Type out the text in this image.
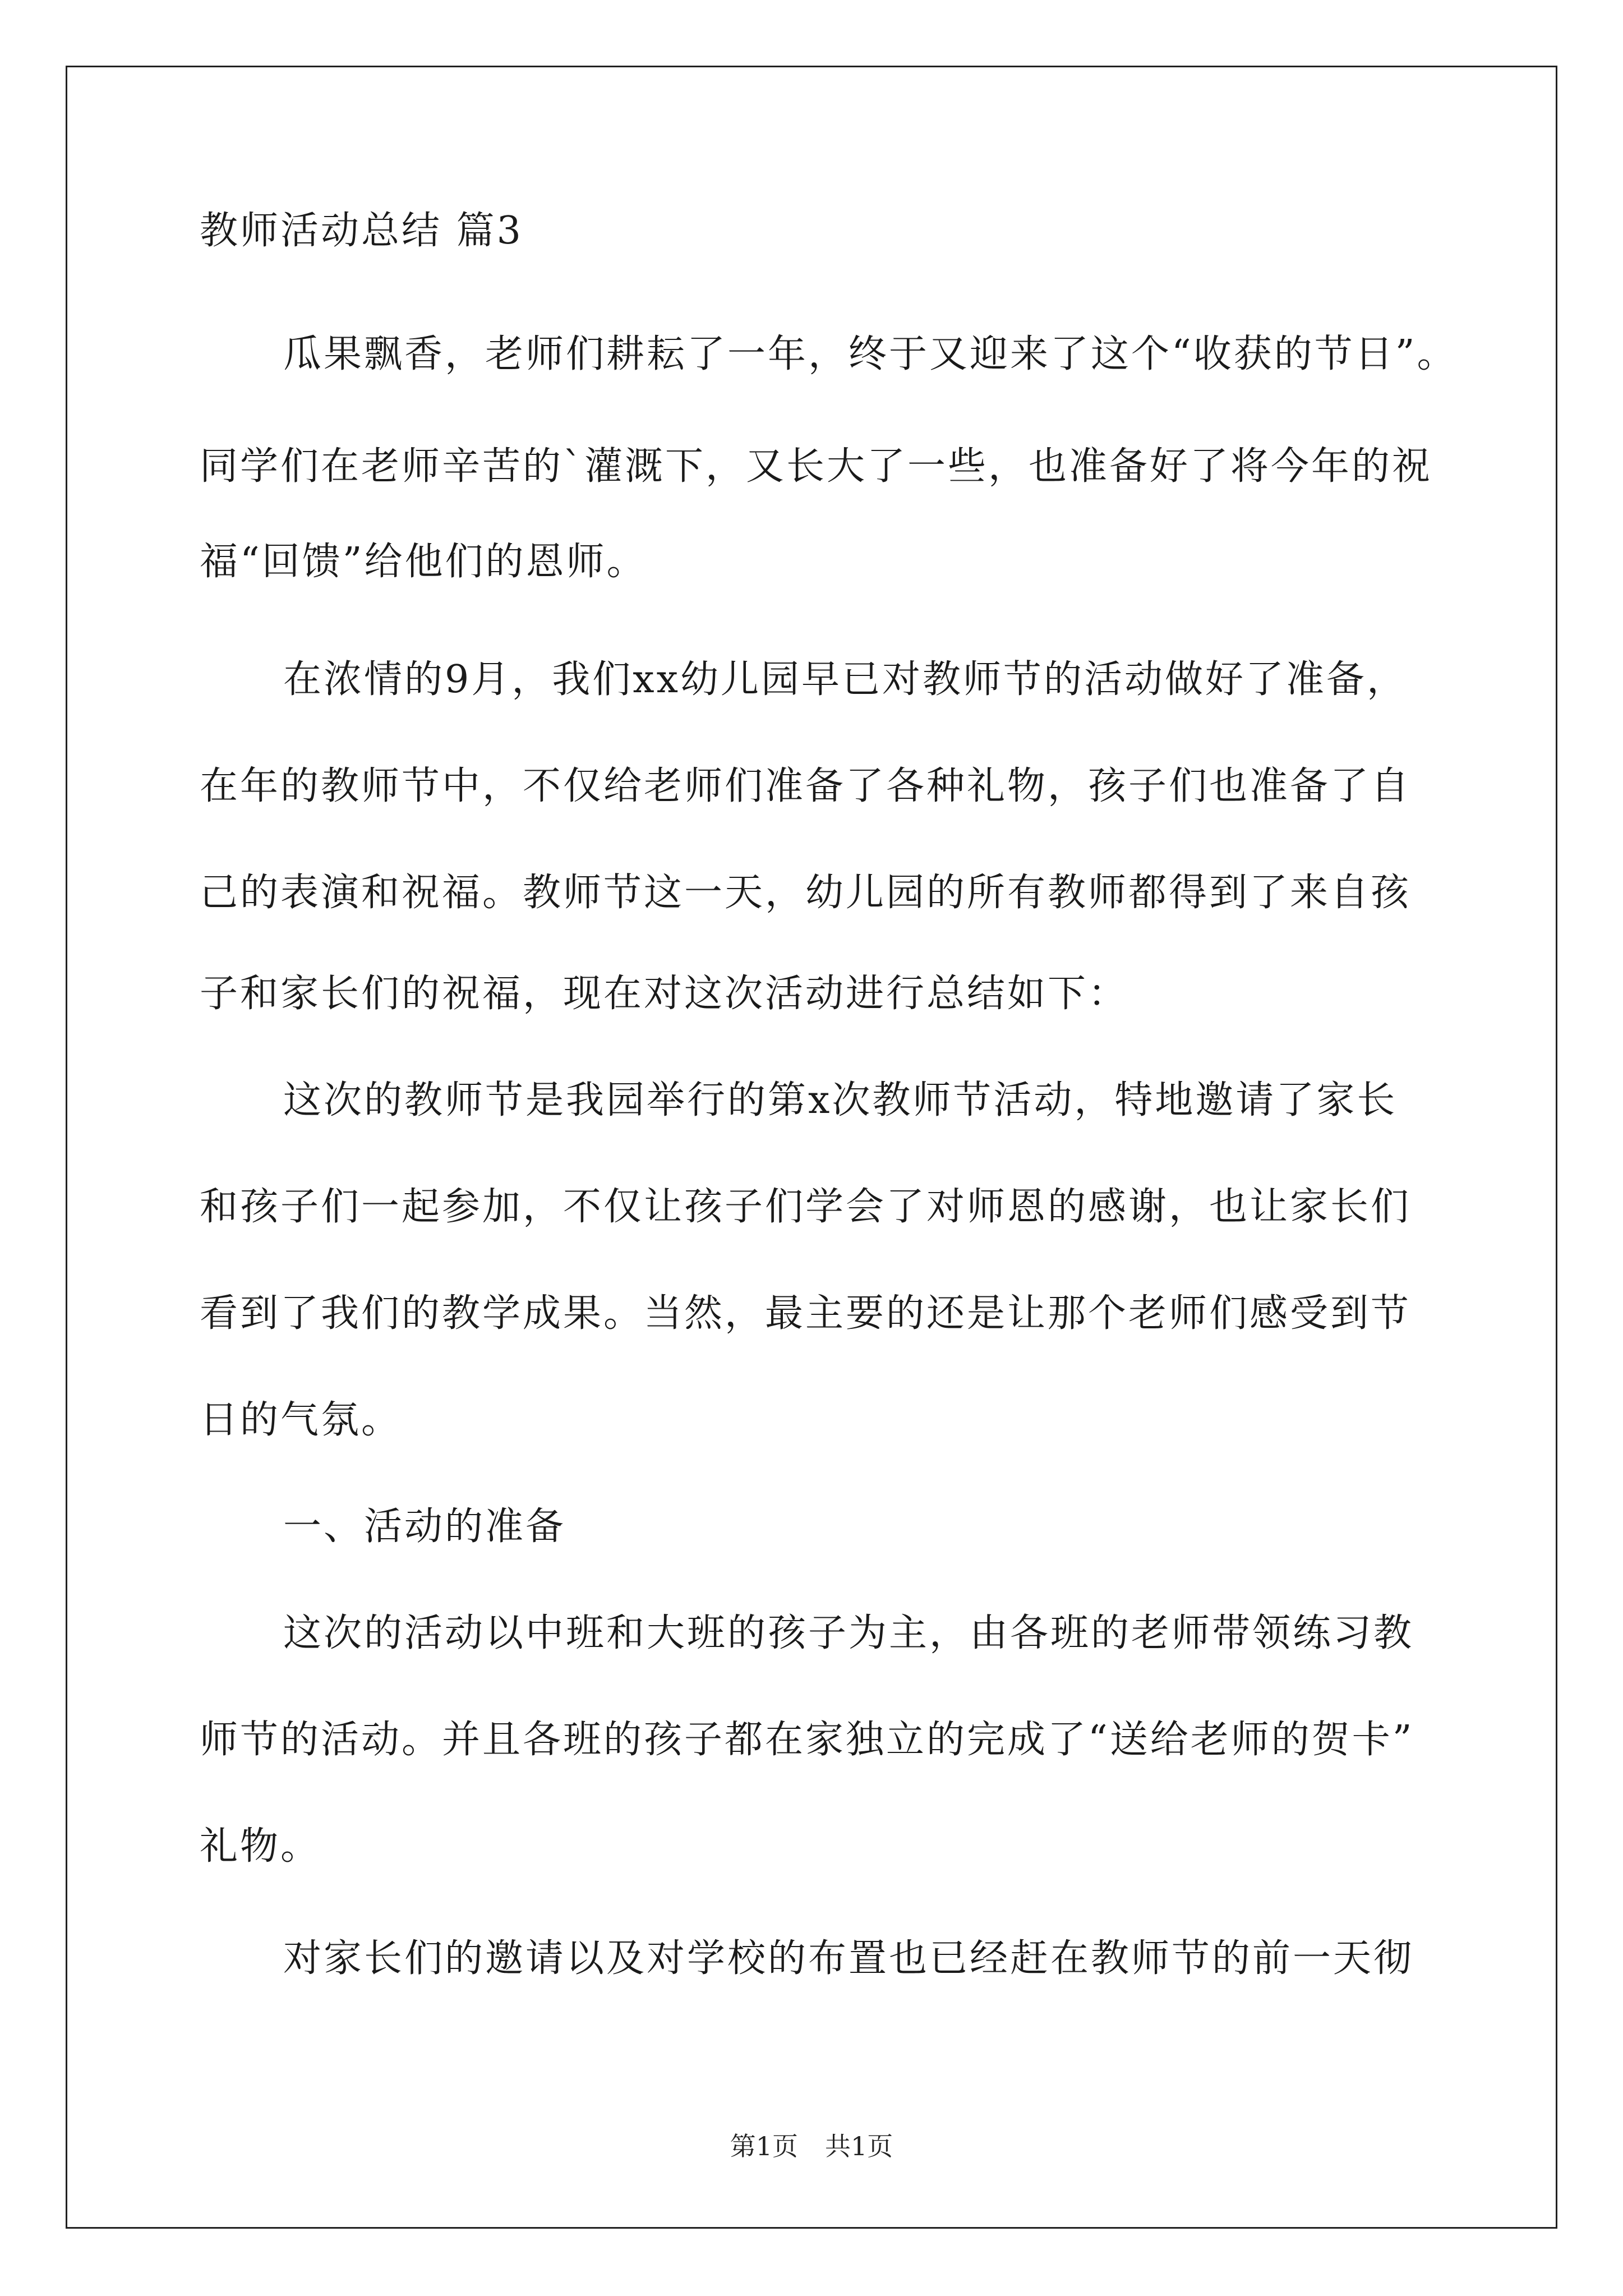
教师活动总结 篇3
瓜果飘香，老师们耕耘了一年，终于又迎来了这个“收获的节日”。
同学们在老师辛苦的`灌溉下，又长大了一些，也准备好了将今年的祝
福“回馈”给他们的恩师。
在浓情的9月，我们xx幼儿园早已对教师节的活动做好了准备，
在年的教师节中，不仅给老师们准备了各种礼物，孩子们也准备了自
己的表演和祝福。教师节这一天，幼儿园的所有教师都得到了来自孩
子和家长们的祝福，现在对这次活动进行总结如下：
这次的教师节是我园举行的第x次教师节活动，特地邀请了家长
和孩子们一起参加，不仅让孩子们学会了对师恩的感谢，也让家长们
看到了我们的教学成果。当然，最主要的还是让那个老师们感受到节
日的气氛。
一、活动的准备
这次的活动以中班和大班的孩子为主，由各班的老师带领练习教
师节的活动。并且各班的孩子都在家独立的完成了“送给老师的贺卡”
礼物。
对家长们的邀请以及对学校的布置也已经赶在教师节的前一天彻
第1页 共1页
